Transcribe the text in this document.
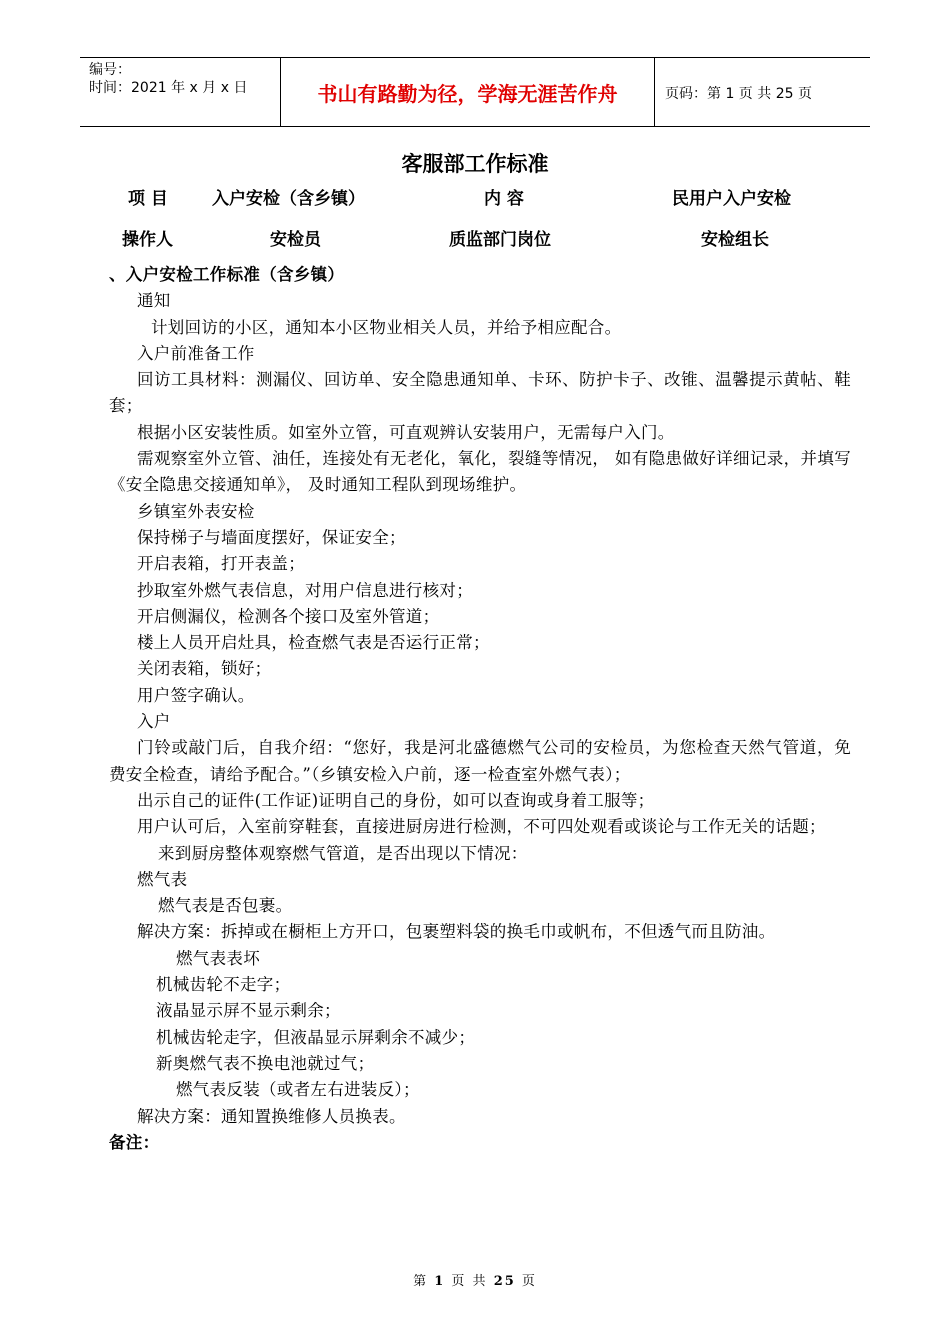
编号：
时间：2021 年 x 月 x 日	书山有路勤为径，学海无涯苦作舟	页码：第 1 页 共 25 页
客服部工作标准
项 目	入户安检（含乡镇）	内 容	民用户入户安检
操作人	安检员	质监部门岗位	安检组长

、入户安检工作标准（含乡镇）

通知

计划回访的小区，通知本小区物业相关人员，并给予相应配合。

入户前准备工作

回访工具材料：测漏仪、回访单、安全隐患通知单、卡环、防护卡子、改锥、温馨提示黄帖、鞋套；

根据小区安装性质。如室外立管，可直观辨认安装用户，无需每户入门。

需观察室外立管、油任，连接处有无老化，氧化，裂缝等情况， 如有隐患做好详细记录，并填写《安全隐患交接通知单》， 及时通知工程队到现场维护。

乡镇室外表安检

保持梯子与墙面度摆好，保证安全；

开启表箱，打开表盖；

抄取室外燃气表信息，对用户信息进行核对；

开启侧漏仪，检测各个接口及室外管道；

楼上人员开启灶具，检查燃气表是否运行正常；

关闭表箱，锁好；

用户签字确认。

入户

门铃或敲门后，自我介绍：“您好，我是河北盛德燃气公司的安检员，为您检查天然气管道，免费安全检查，请给予配合。”（乡镇安检入户前，逐一检查室外燃气表）；

出示自己的证件(工作证)证明自己的身份，如可以查询或身着工服等；

用户认可后，入室前穿鞋套，直接进厨房进行检测，不可四处观看或谈论与工作无关的话题；

来到厨房整体观察燃气管道，是否出现以下情况：

燃气表

燃气表是否包裹。

解决方案：拆掉或在橱柜上方开口，包裹塑料袋的换毛巾或帆布，不但透气而且防油。

燃气表表坏

机械齿轮不走字；

液晶显示屏不显示剩余；

机械齿轮走字，但液晶显示屏剩余不减少；

新奥燃气表不换电池就过气；

燃气表反装（或者左右进装反）；

解决方案：通知置换维修人员换表。

备注：

第 1 页 共 25 页
